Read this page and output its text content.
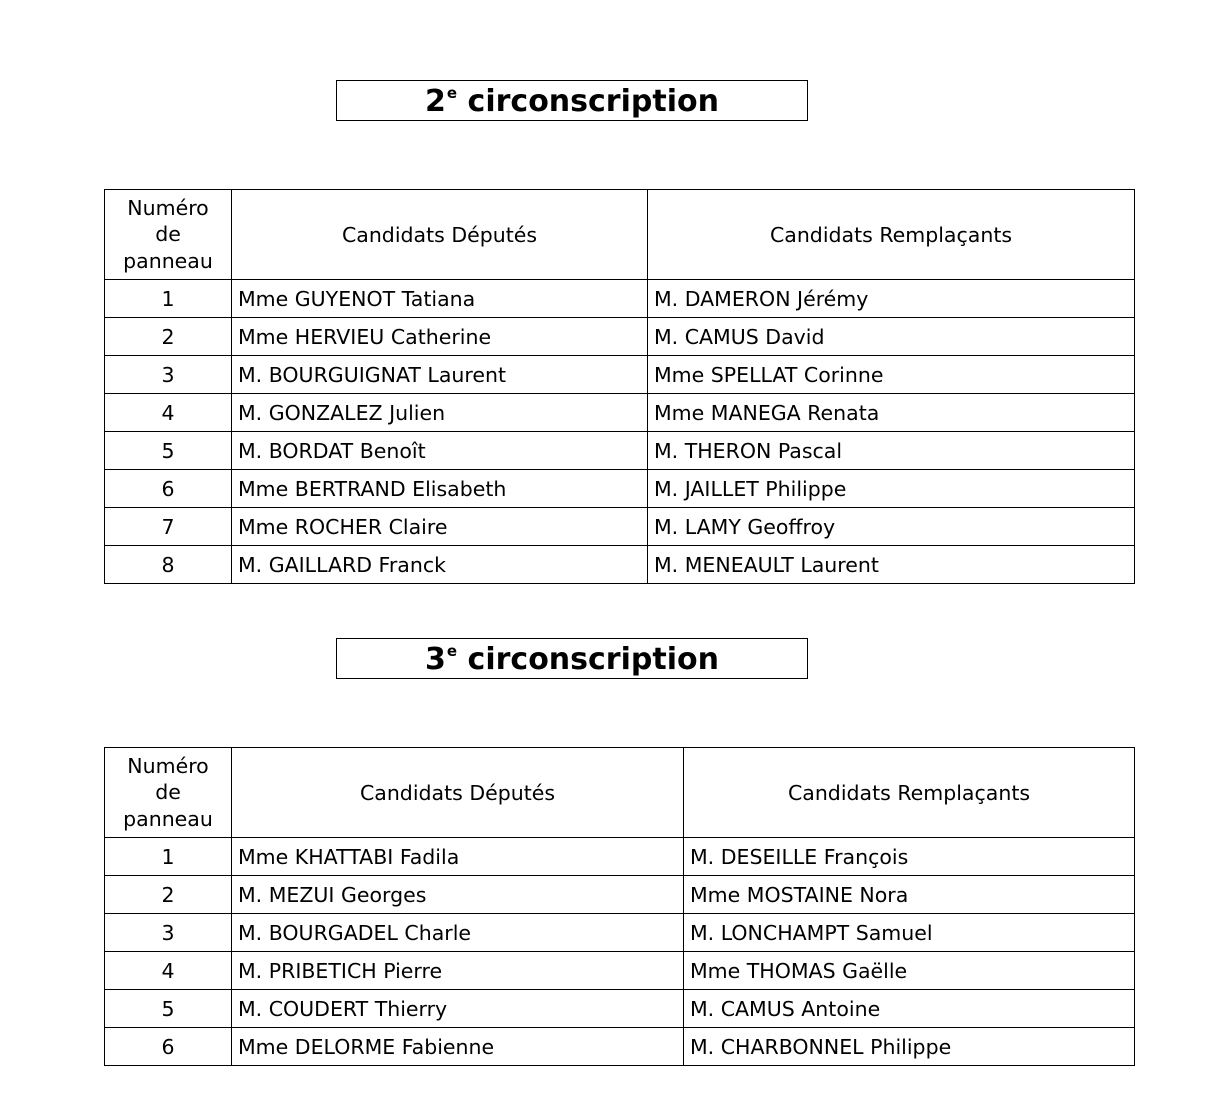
2e circonscription
Numéro
de
panneau	Candidats Députés	Candidats Remplaçants
1	Mme GUYENOT Tatiana	M. DAMERON Jérémy
2	Mme HERVIEU Catherine	M. CAMUS David
3	M. BOURGUIGNAT Laurent	Mme SPELLAT Corinne
4	M. GONZALEZ Julien	Mme MANEGA Renata
5	M. BORDAT Benoît	M. THERON Pascal
6	Mme BERTRAND Elisabeth	M. JAILLET Philippe
7	Mme ROCHER Claire	M. LAMY Geoffroy
8	M. GAILLARD Franck	M. MENEAULT Laurent
3e circonscription
Numéro
de
panneau	Candidats Députés	Candidats Remplaçants
1	Mme KHATTABI Fadila	M. DESEILLE François
2	M. MEZUI Georges	Mme MOSTAINE Nora
3	M. BOURGADEL Charle	M. LONCHAMPT Samuel
4	M. PRIBETICH Pierre	Mme THOMAS Gaëlle
5	M. COUDERT Thierry	M. CAMUS Antoine
6	Mme DELORME Fabienne	M. CHARBONNEL Philippe
